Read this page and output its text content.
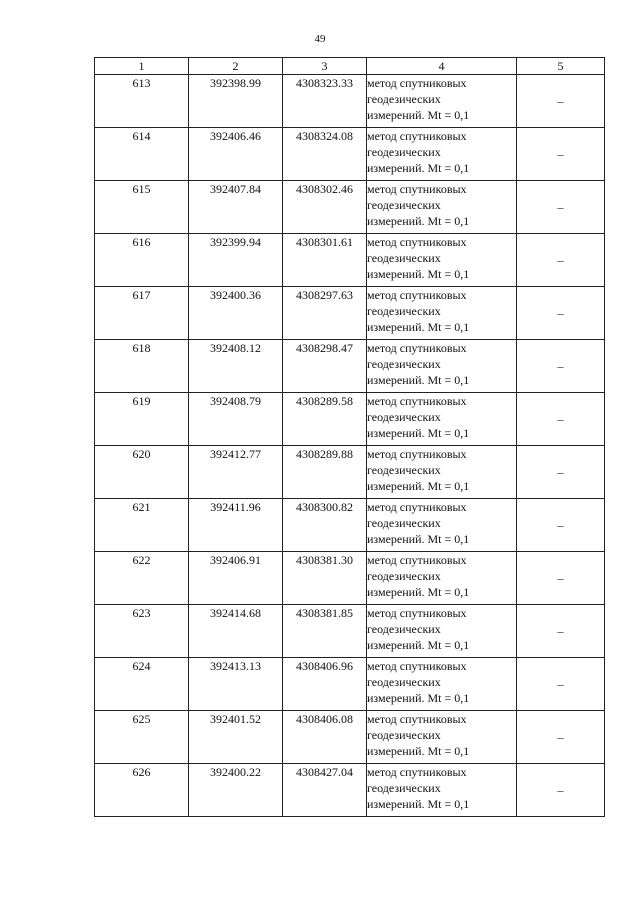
49
1	2	3	4	5
613	392398.99	4308323.33	метод спутниковых
геодезических
измерений. Mt = 0,1	–
614	392406.46	4308324.08	метод спутниковых
геодезических
измерений. Mt = 0,1	–
615	392407.84	4308302.46	метод спутниковых
геодезических
измерений. Mt = 0,1	–
616	392399.94	4308301.61	метод спутниковых
геодезических
измерений. Mt = 0,1	–
617	392400.36	4308297.63	метод спутниковых
геодезических
измерений. Mt = 0,1	–
618	392408.12	4308298.47	метод спутниковых
геодезических
измерений. Mt = 0,1	–
619	392408.79	4308289.58	метод спутниковых
геодезических
измерений. Mt = 0,1	–
620	392412.77	4308289.88	метод спутниковых
геодезических
измерений. Mt = 0,1	–
621	392411.96	4308300.82	метод спутниковых
геодезических
измерений. Mt = 0,1	–
622	392406.91	4308381.30	метод спутниковых
геодезических
измерений. Mt = 0,1	–
623	392414.68	4308381.85	метод спутниковых
геодезических
измерений. Mt = 0,1	–
624	392413.13	4308406.96	метод спутниковых
геодезических
измерений. Mt = 0,1	–
625	392401.52	4308406.08	метод спутниковых
геодезических
измерений. Mt = 0,1	–
626	392400.22	4308427.04	метод спутниковых
геодезических
измерений. Mt = 0,1	–
